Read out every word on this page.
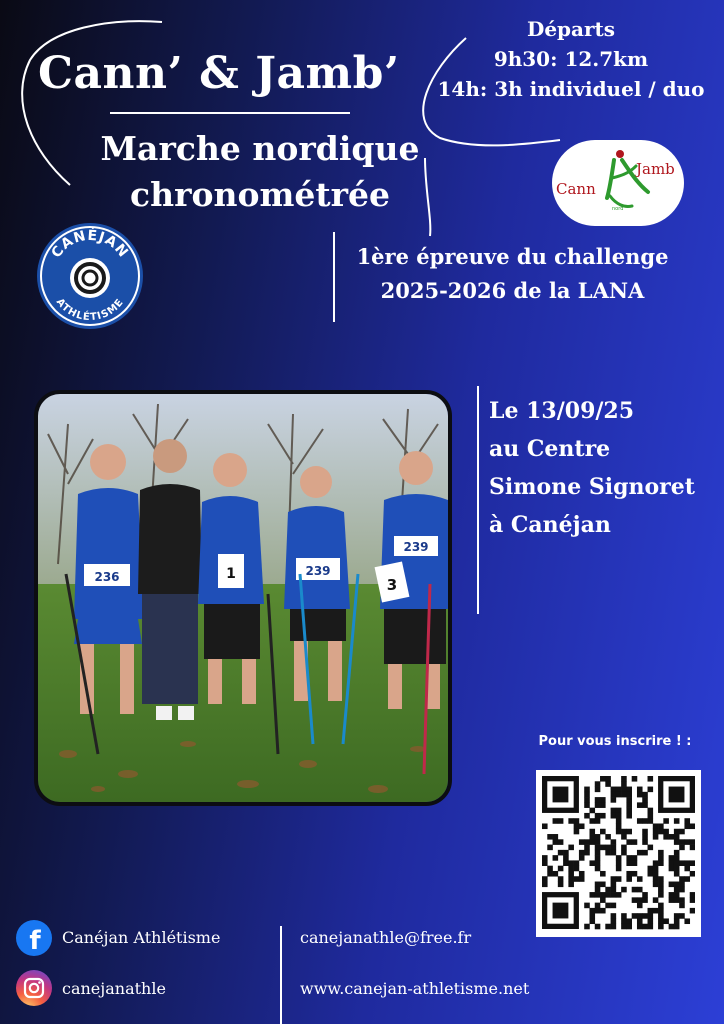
Cann’ & Jamb’
Marche nordique
chronométrée
Départs
9h30: 12.7km
14h: 3h individuel / duo
Cann
Jamb
nord
CANÉJAN
ATHLÉTISME
1ère épreuve du challenge
2025-2026 de la LANA
236	1	239
239
3
Le 13/09/25
au Centre
Simone Signoret
à Canéjan
Pour vous inscrire ! :
f Canéjan Athlétisme
canejanathle
canejanathle@free.fr
www.canejan-athletisme.net
